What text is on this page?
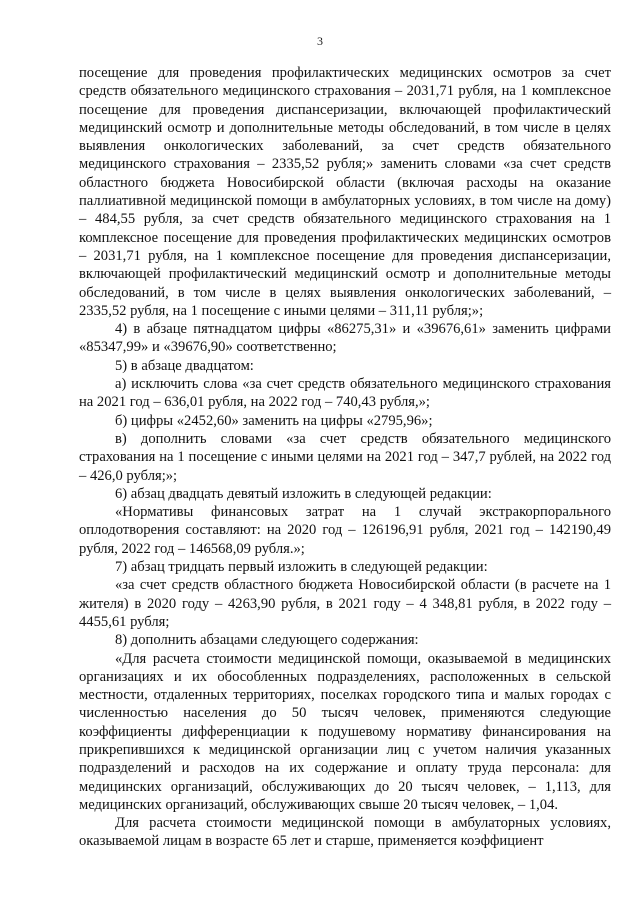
3

посещение для проведения профилактических медицинских осмотров за счет средств обязательного медицинского страхования – 2031,71 рубля, на 1 комплексное посещение для проведения диспансеризации, включающей профилактический медицинский осмотр и дополнительные методы обследований, в том числе в целях выявления онкологических заболеваний, за счет средств обязательного медицинского страхования – 2335,52 рубля;» заменить словами «за счет средств областного бюджета Новосибирской области (включая расходы на оказание паллиативной медицинской помощи в амбулаторных условиях, в том числе на дому) – 484,55 рубля, за счет средств обязательного медицинского страхования на 1 комплексное посещение для проведения профилактических медицинских осмотров – 2031,71 рубля, на 1 комплексное посещение для проведения диспансеризации, включающей профилактический медицинский осмотр и дополнительные методы обследований, в том числе в целях выявления онкологических заболеваний, – 2335,52 рубля, на 1 посещение с иными целями – 311,11 рубля;»;

4) в абзаце пятнадцатом цифры «86275,31» и «39676,61» заменить цифрами «85347,99» и «39676,90» соответственно;

5) в абзаце двадцатом:

а) исключить слова «за счет средств обязательного медицинского страхования на 2021 год – 636,01 рубля, на 2022 год – 740,43 рубля,»;

б) цифры «2452,60» заменить на цифры «2795,96»;

в) дополнить словами «за счет средств обязательного медицинского страхования на 1 посещение с иными целями на 2021 год – 347,7 рублей, на 2022 год – 426,0 рубля;»;

6) абзац двадцать девятый изложить в следующей редакции:

«Нормативы финансовых затрат на 1 случай экстракорпорального оплодотворения составляют: на 2020 год – 126196,91 рубля, 2021 год – 142190,49 рубля, 2022 год – 146568,09 рубля.»;

7) абзац тридцать первый изложить в следующей редакции:

«за счет средств областного бюджета Новосибирской области (в расчете на 1 жителя) в 2020 году – 4263,90 рубля, в 2021 году – 4 348,81 рубля, в 2022 году – 4455,61 рубля;

8) дополнить абзацами следующего содержания:

«Для расчета стоимости медицинской помощи, оказываемой в медицинских организациях и их обособленных подразделениях, расположенных в сельской местности, отдаленных территориях, поселках городского типа и малых городах с численностью населения до 50 тысяч человек, применяются следующие коэффициенты дифференциации к подушевому нормативу финансирования на прикрепившихся к медицинской организации лиц с учетом наличия указанных подразделений и расходов на их содержание и оплату труда персонала: для медицинских организаций, обслуживающих до 20 тысяч человек, – 1,113, для медицинских организаций, обслуживающих свыше 20 тысяч человек, – 1,04.

Для расчета стоимости медицинской помощи в амбулаторных условиях, оказываемой лицам в возрасте 65 лет и старше, применяется коэффициент
